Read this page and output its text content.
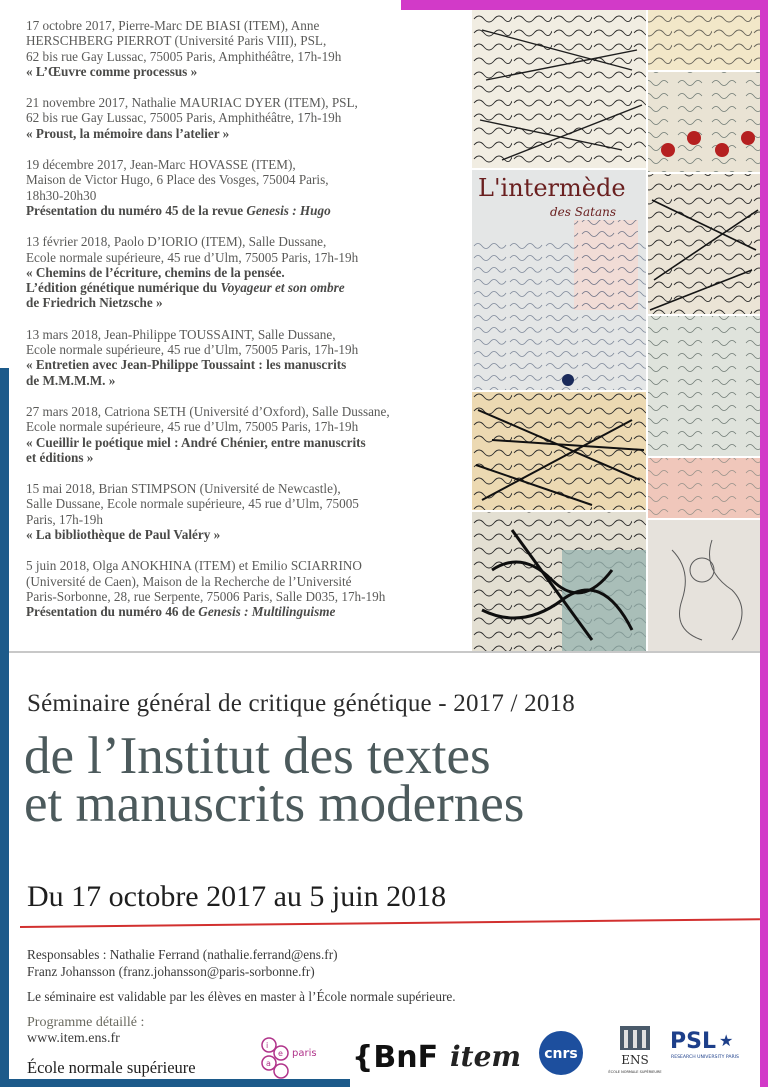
17 octobre 2017, Pierre-Marc DE BIASI (ITEM), Anne
HERSCHBERG PIERROT (Université Paris VIII), PSL,
62 bis rue Gay Lussac, 75005 Paris, Amphithéâtre, 17h-19h
« L’Œuvre comme processus »
21 novembre 2017, Nathalie MAURIAC DYER (ITEM), PSL,
62 bis rue Gay Lussac, 75005 Paris, Amphithéâtre, 17h-19h
« Proust, la mémoire dans l’atelier »
19 décembre 2017, Jean-Marc HOVASSE (ITEM),
Maison de Victor Hugo, 6 Place des Vosges, 75004 Paris,
18h30-20h30
Présentation du numéro 45 de la revue Genesis : Hugo
13 février 2018, Paolo D’IORIO (ITEM), Salle Dussane,
Ecole normale supérieure, 45 rue d’Ulm, 75005 Paris, 17h-19h
« Chemins de l’écriture, chemins de la pensée.
L’édition génétique numérique du Voyageur et son ombre
de Friedrich Nietzsche »
13 mars 2018, Jean-Philippe TOUSSAINT, Salle Dussane,
Ecole normale supérieure, 45 rue d’Ulm, 75005 Paris, 17h-19h
« Entretien avec Jean-Philippe Toussaint : les manuscrits
de M.M.M.M. »
27 mars 2018, Catriona SETH (Université d’Oxford), Salle Dussane,
Ecole normale supérieure, 45 rue d’Ulm, 75005 Paris, 17h-19h
« Cueillir le poétique miel : André Chénier, entre manuscrits
et éditions »
15 mai 2018, Brian STIMPSON (Université de Newcastle),
Salle Dussane, Ecole normale supérieure, 45 rue d’Ulm, 75005
Paris, 17h-19h
« La bibliothèque de Paul Valéry »
5 juin 2018, Olga ANOKHINA (ITEM) et Emilio SCIARRINO
(Université de Caen), Maison de la Recherche de l’Université
Paris-Sorbonne, 28, rue Serpente, 75006 Paris, Salle D035, 17h-19h
Présentation du numéro 46 de Genesis : Multilinguisme
L'intermède
des Satans
Séminaire général de critique génétique - 2017 / 2018
de l’Institut des textes
et manuscrits modernes
Du 17 octobre 2017 au 5 juin 2018
Responsables : Nathalie Ferrand (nathalie.ferrand@ens.fr)
Franz Johansson (franz.johansson@paris-sorbonne.fr)
Le séminaire est validable par les élèves en master à l’École normale supérieure.
Programme détaillé :
www.item.ens.fr
École normale supérieure
i
e
a
paris {BnF item cnrs	ENS
ÉCOLE NORMALE SUPÉRIEURE
PSL ★
RESEARCH UNIVERSITY PARIS
